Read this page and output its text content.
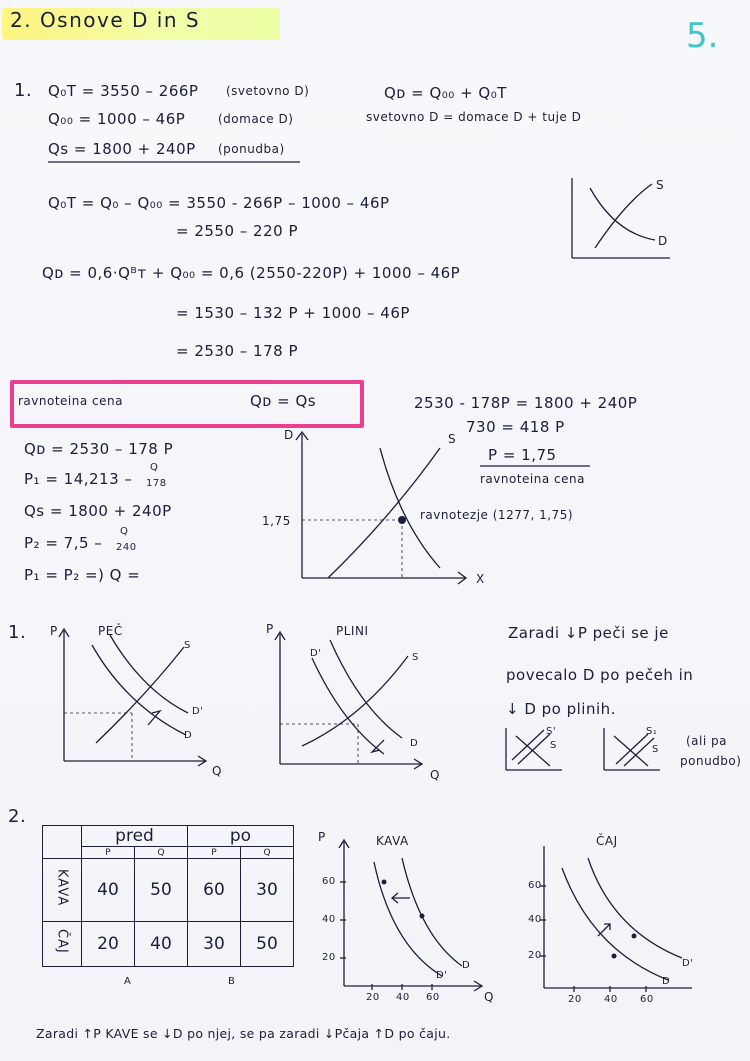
2. Osnove D in S	5.
1. Q₀T = 3550 – 266P (svetovno D)
Q₀₀ = 1000 – 46P	(domace D)
Qs = 1800 + 240P (ponudba)
Qᴅ = Q₀₀ + Q₀T
svetovno D = domace D + tuje D
Q₀T = Q₀ – Q₀₀ = 3550 - 266P – 1000 – 46P
= 2550 – 220 P
Qᴅ = 0,6·Qᴮᴛ + Q₀₀ = 0,6 (2550-220P) + 1000 – 46P
= 1530 – 132 P + 1000 – 46P
= 2530 – 178 P
S
D
ravnoteina cena	Qᴅ = Qs	2530 - 178P = 1800 + 240P
730 = 418 P
P = 1,75
ravnoteina cena
Qᴅ = 2530 – 178 P
P₁ = 14,213 –
Q
178
Qs = 1800 + 240P
P₂ = 7,5 –
Q
240
P₁ = P₂ =) Q =
D
X
S
1,75	ravnotezje (1277, 1,75)
1. P	PEČ
S
D'
D
Q
P	PLINI
D'	S
D
Q
Zaradi ↓P peči se je
povecalo D po pečeh in
↓ D po plinih.
S'
S
S₁
S
(ali pa
ponudbo)
2.
	pred		po	
	P	Q	P	Q
KAVA	40	50	60	30
ČAJ	20	40	30	50
A	B
P	KAVA
60
40
20
20 40 60
D'
D
Q
ČAJ
60
40
20
20 40 60
D
D'
Zaradi ↑P KAVE se ↓D po njej, se pa zaradi ↓Pčaja ↑D po čaju.
